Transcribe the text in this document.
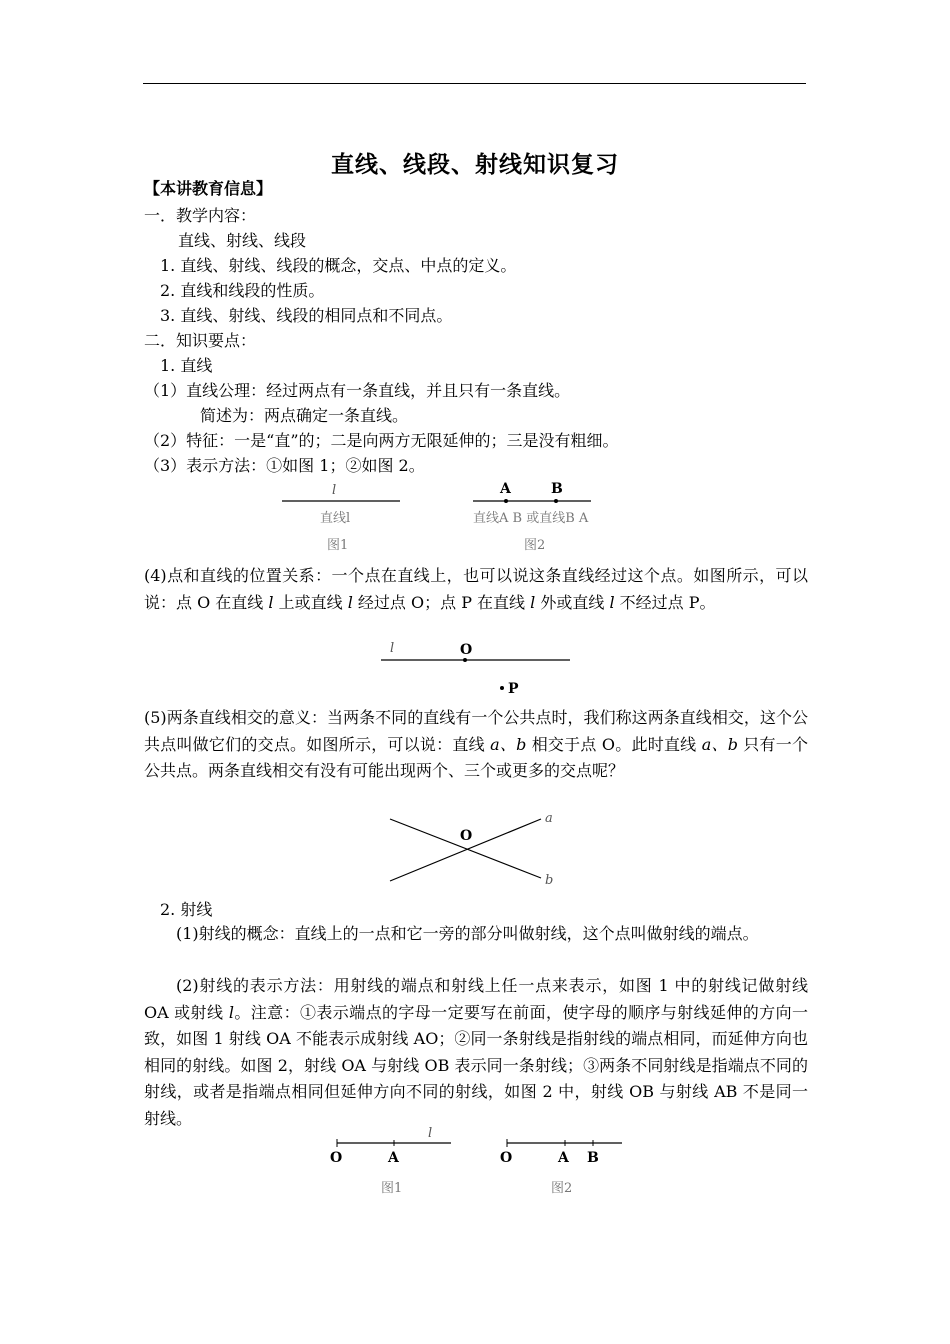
直线、线段、射线知识复习
【本讲教育信息】
一．教学内容：
直线、射线、线段
1. 直线、射线、线段的概念，交点、中点的定义。
2. 直线和线段的性质。
3. 直线、射线、线段的相同点和不同点。
二．知识要点：
1. 直线
（1）直线公理：经过两点有一条直线，并且只有一条直线。
简述为：两点确定一条直线。
（2）特征：一是“直”的；二是向两方无限延伸的；三是没有粗细。
（3）表示方法：①如图 1；②如图 2。
(4)点和直线的位置关系：一个点在直线上，也可以说这条直线经过这个点。如图所示，可以说：点 O 在直线 l 上或直线 l 经过点 O；点 P 在直线 l 外或直线 l 不经过点 P。
(5)两条直线相交的意义：当两条不同的直线有一个公共点时，我们称这两条直线相交，这个公共点叫做它们的交点。如图所示，可以说：直线 a、b 相交于点 O。此时直线 a、b 只有一个公共点。两条直线相交有没有可能出现两个、三个或更多的交点呢？
2. 射线
(1)射线的概念：直线上的一点和它一旁的部分叫做射线，这个点叫做射线的端点。
(2)射线的表示方法：用射线的端点和射线上任一点来表示，如图 1 中的射线记做射线 OA 或射线 l。注意：①表示端点的字母一定要写在前面，使字母的顺序与射线延伸的方向一致，如图 1 射线 OA 不能表示成射线 AO；②同一条射线是指射线的端点相同，而延伸方向也相同的射线。如图 2，射线 OA 与射线 OB 表示同一条射线；③两条不同射线是指端点不同的射线，或者是指端点相同但延伸方向不同的射线，如图 2 中，射线 OB 与射线 AB 不是同一射线。
l
直线l
图1
A	B
直线A B 或直线B A
图2
l	O
P
O
a
b
O	A
l
图1
O	A B
图2
